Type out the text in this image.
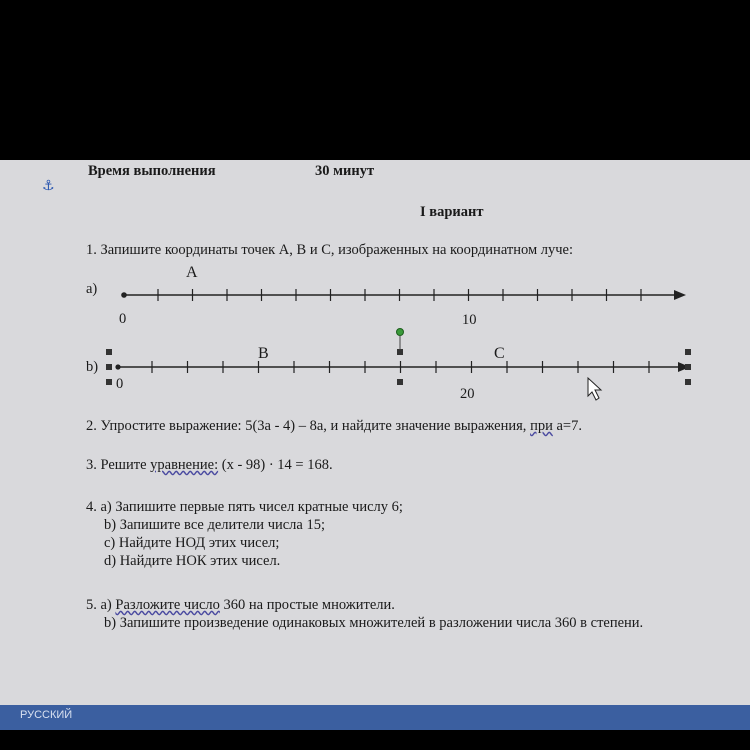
Время выполнения	30 минут
I вариант
1. Запишите координаты точек A, B и C, изображенных на координатном луче:
a)
A
0	10
b)
B	C
0
20
2. Упростите выражение: 5(3a - 4) – 8a, и найдите значение выражения, при a=7.
3. Решите уравнение: (x - 98) · 14 = 168.
4. a) Запишите первые пять чисел кратные числу 6;
b) Запишите все делители числа 15;
c) Найдите НОД этих чисел;
d) Найдите НОК этих чисел.
5. a) Разложите число 360 на простые множители.
b) Запишите произведение одинаковых множителей в разложении числа 360 в степени.
⚓
РУССКИЙ
